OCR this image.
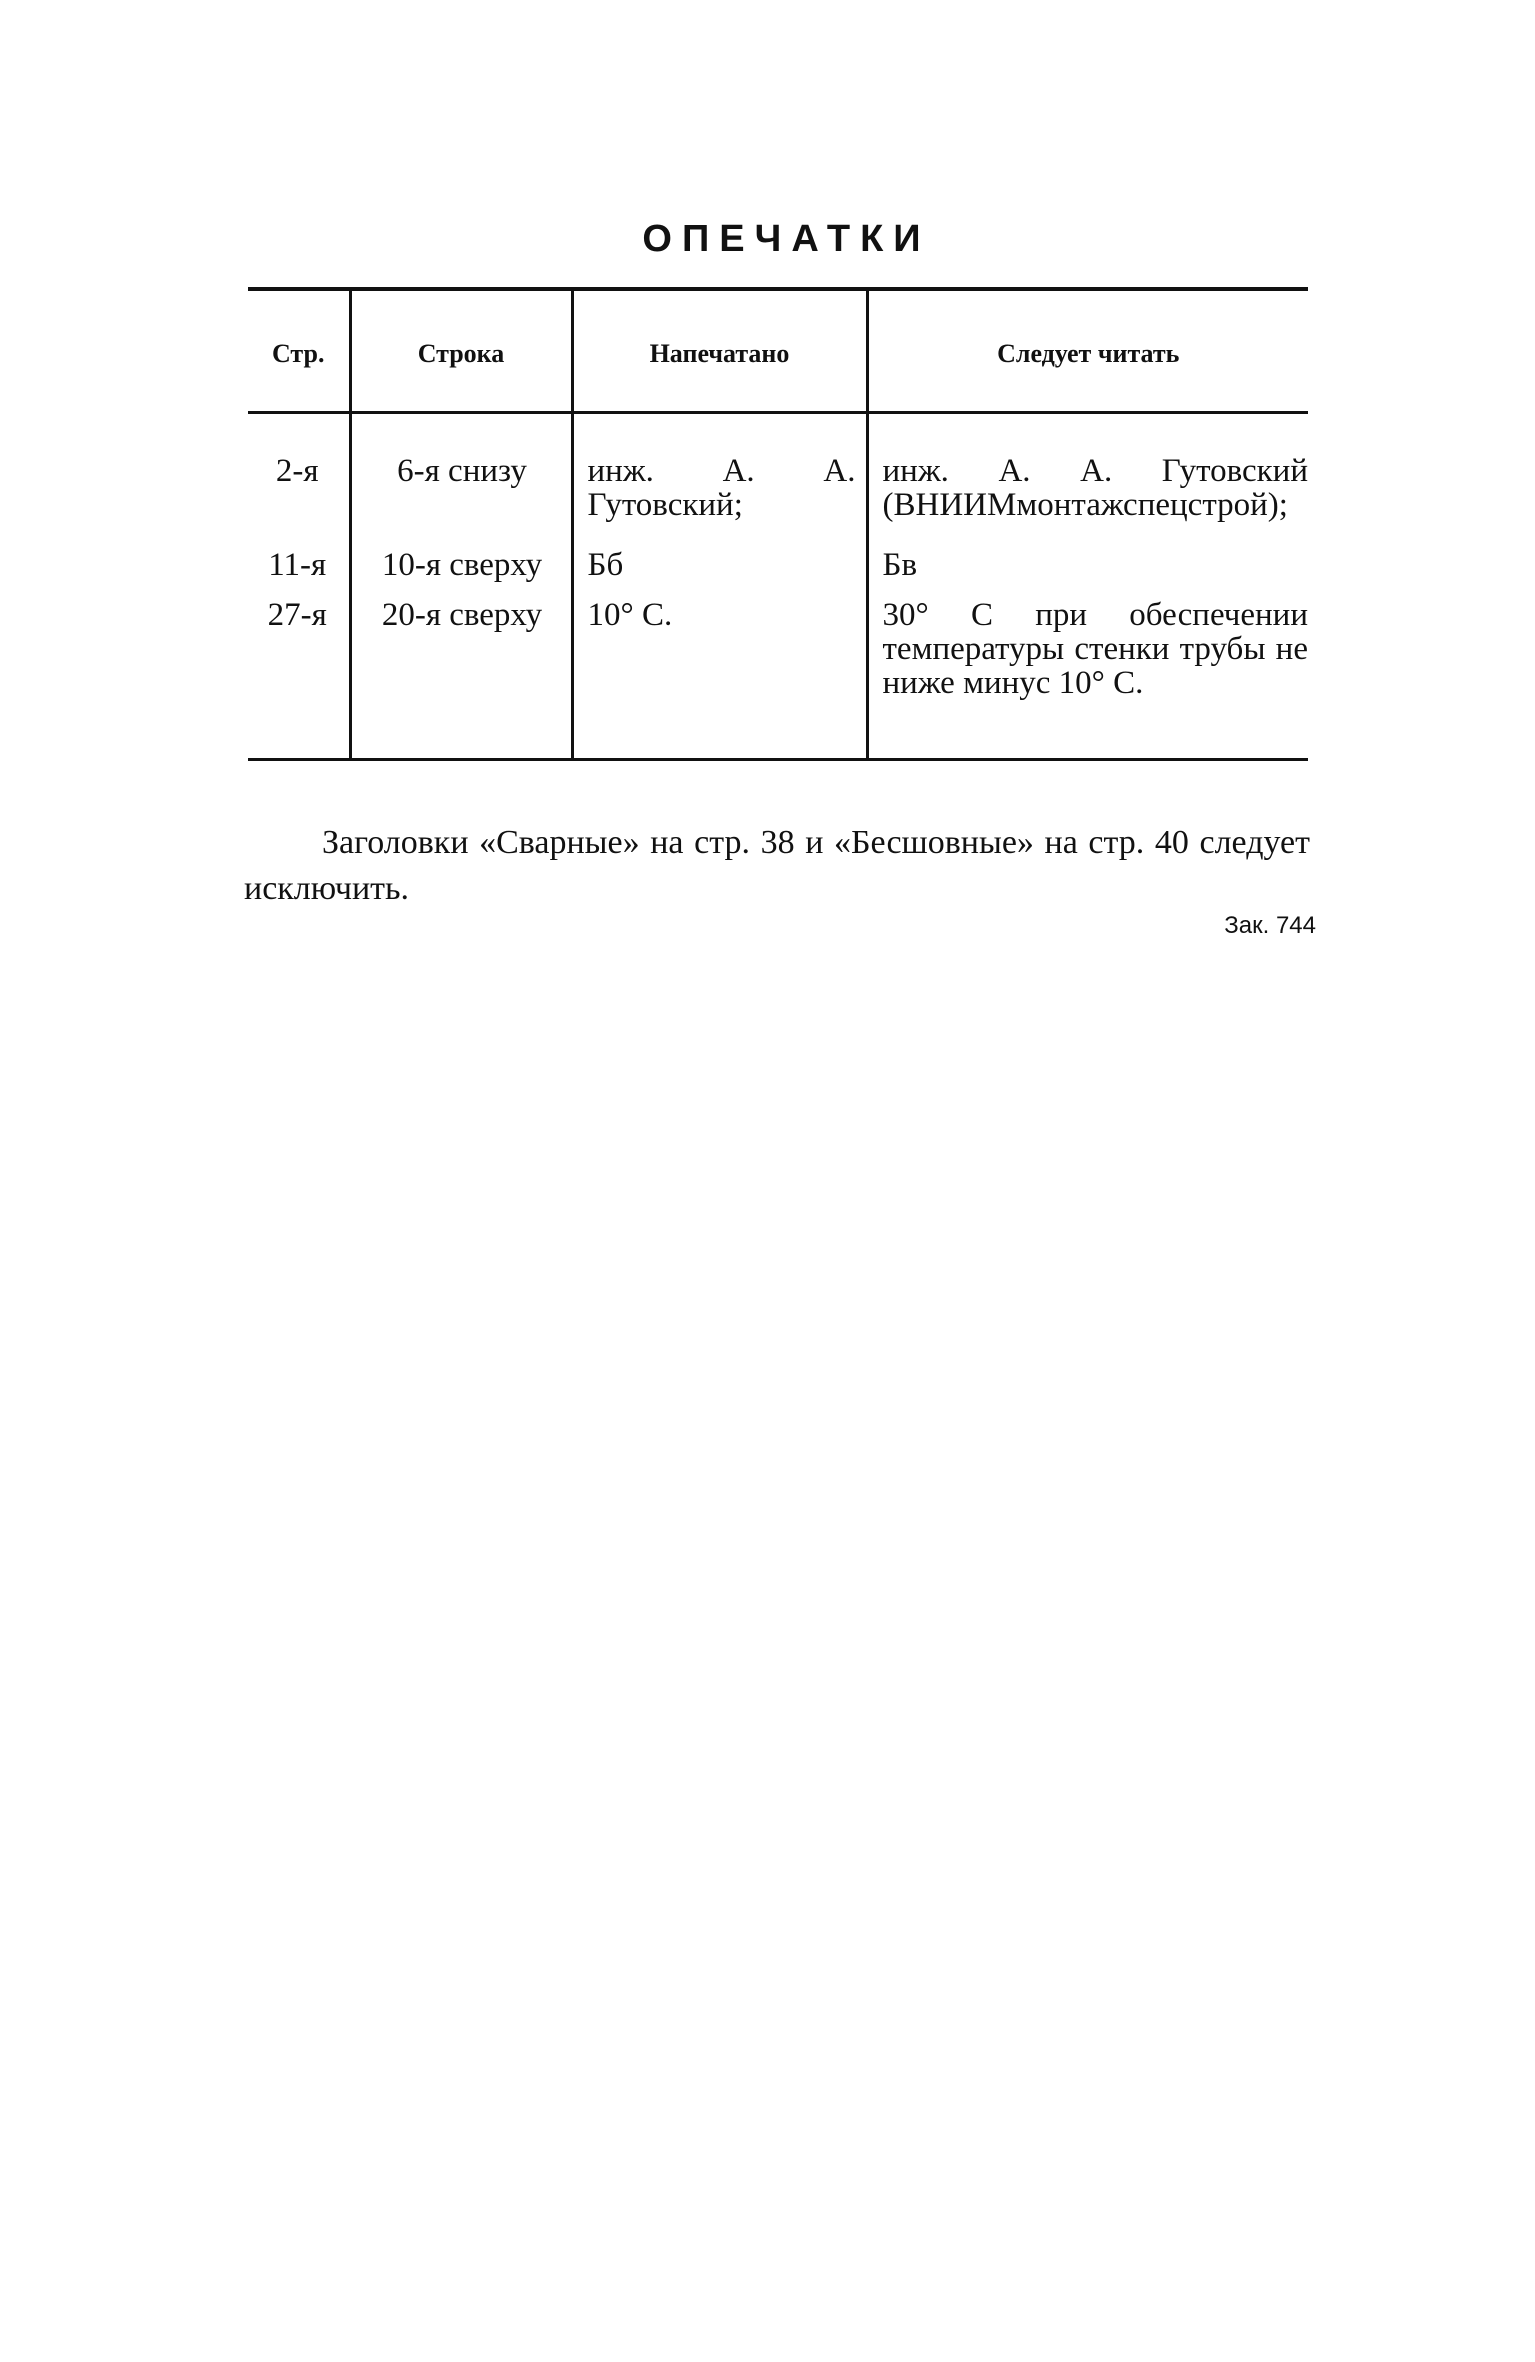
ОПЕЧАТКИ
Стр.	Строка	Напечатано	Следует читать
2-я	6-я снизу	инж. А. А. Гутовский;	инж. А. А. Гутовский (ВНИИМмонтажспецстрой);
11-я	10-я сверху	Бб	Бв
27-я	20-я сверху	10° С.	30° С при обеспечении температуры стенки трубы не ниже минус 10° С.
Заголовки «Сварные» на стр. 38 и «Бесшовные» на стр. 40 следует исключить.
Зак. 744
